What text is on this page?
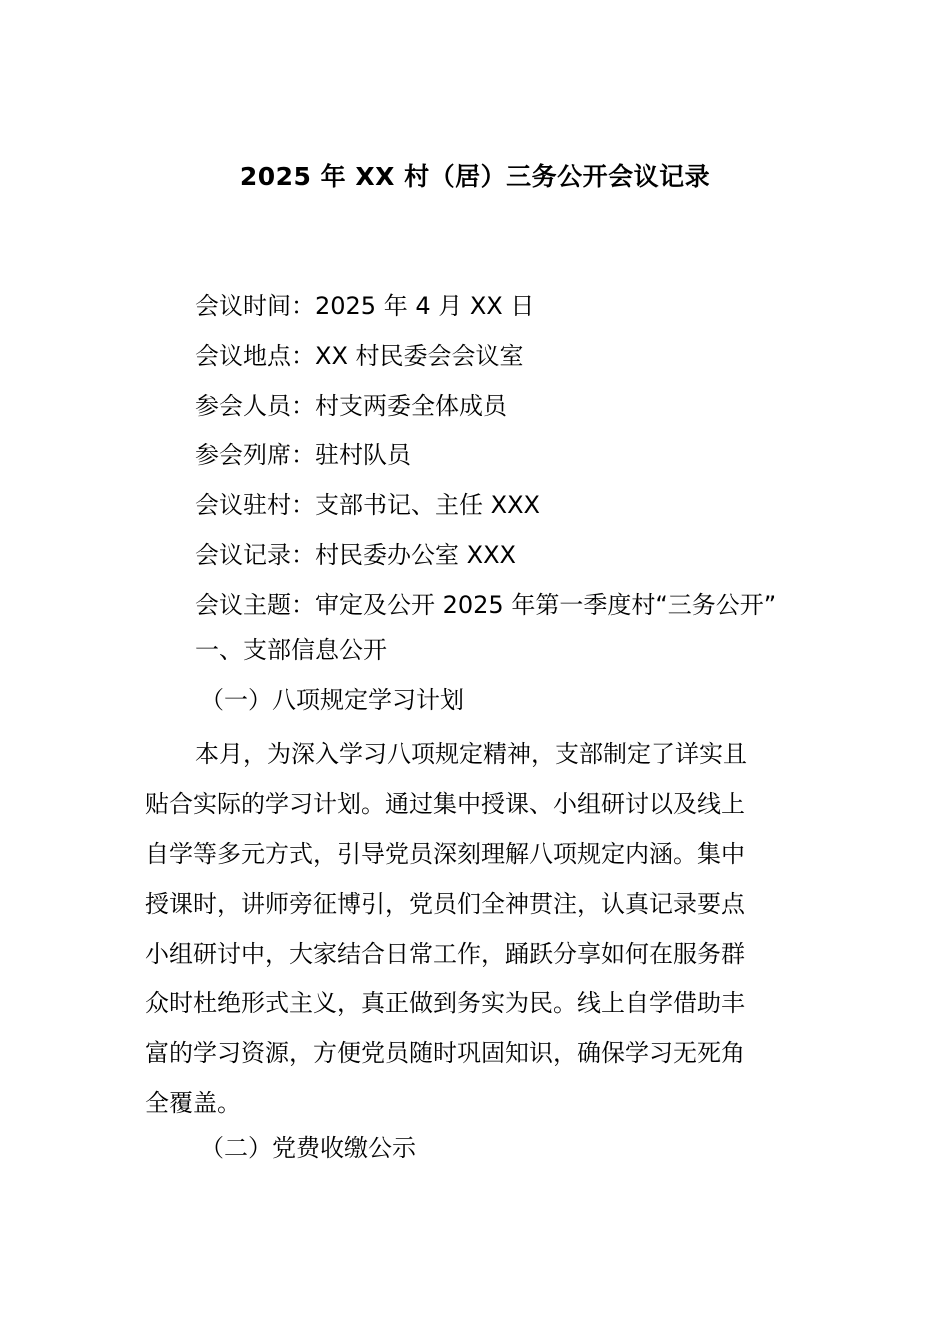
2025 年 XX 村（居）三务公开会议记录
会议时间：2025 年 4 月 XX 日
会议地点：XX 村民委会会议室
参会人员：村支两委全体成员
参会列席：驻村队员
会议驻村：支部书记、主任 XXX
会议记录：村民委办公室 XXX
会议主题：审定及公开 2025 年第一季度村“三务公开”
一、支部信息公开
（一）八项规定学习计划
本月，为深入学习八项规定精神，支部制定了详实且
贴合实际的学习计划。通过集中授课、小组研讨以及线上
自学等多元方式，引导党员深刻理解八项规定内涵。集中
授课时，讲师旁征博引，党员们全神贯注，认真记录要点
小组研讨中，大家结合日常工作，踊跃分享如何在服务群
众时杜绝形式主义，真正做到务实为民。线上自学借助丰
富的学习资源，方便党员随时巩固知识，确保学习无死角
全覆盖。
（二）党费收缴公示
